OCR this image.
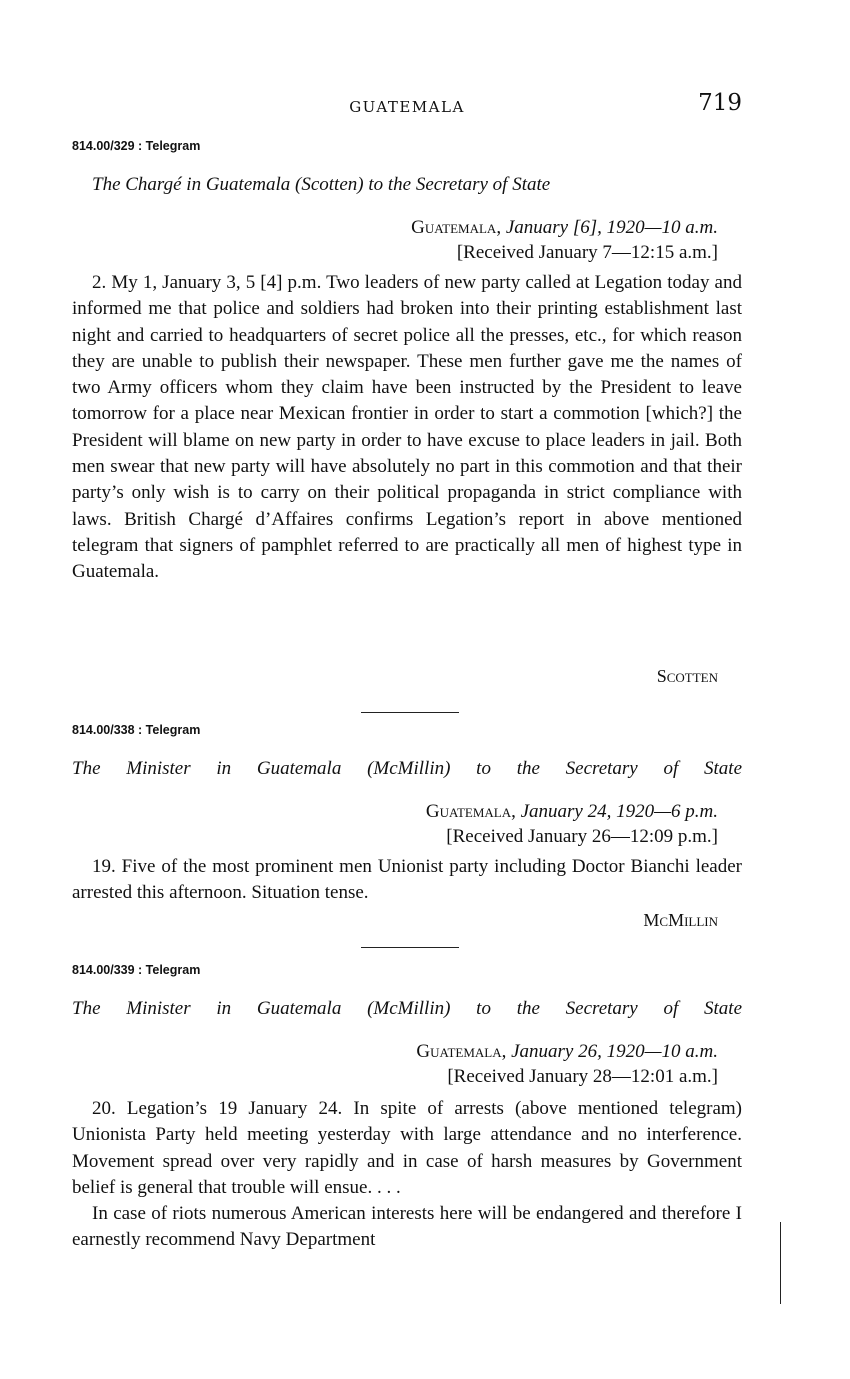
GUATEMALA	719
814.00/329 : Telegram
The Chargé in Guatemala (Scotten) to the Secretary of State
Guatemala, January [6], 1920—10 a.m.
[Received January 7—12:15 a.m.]

2. My 1, January 3, 5 [4] p.m. Two leaders of new party called at Legation today and informed me that police and soldiers had broken into their printing establishment last night and carried to headquarters of secret police all the presses, etc., for which reason they are unable to publish their newspaper. These men further gave me the names of two Army officers whom they claim have been instructed by the President to leave tomorrow for a place near Mexican frontier in order to start a commotion [which?] the President will blame on new party in order to have excuse to place leaders in jail. Both men swear that new party will have absolutely no part in this commotion and that their party’s only wish is to carry on their political propaganda in strict compliance with laws. British Chargé d’Affaires confirms Legation’s report in above mentioned telegram that signers of pamphlet referred to are practically all men of highest type in Guatemala.

Scotten
814.00/338 : Telegram
The Minister in Guatemala (McMillin) to the Secretary of State
Guatemala, January 24, 1920—6 p.m.
[Received January 26—12:09 p.m.]

19. Five of the most prominent men Unionist party including Doctor Bianchi leader arrested this afternoon. Situation tense.

McMillin
814.00/339 : Telegram
The Minister in Guatemala (McMillin) to the Secretary of State
Guatemala, January 26, 1920—10 a.m.
[Received January 28—12:01 a.m.]

20. Legation’s 19 January 24. In spite of arrests (above mentioned telegram) Unionista Party held meeting yesterday with large attendance and no interference. Movement spread over very rapidly and in case of harsh measures by Government belief is general that trouble will ensue. . . .

In case of riots numerous American interests here will be endangered and therefore I earnestly recommend Navy Department
